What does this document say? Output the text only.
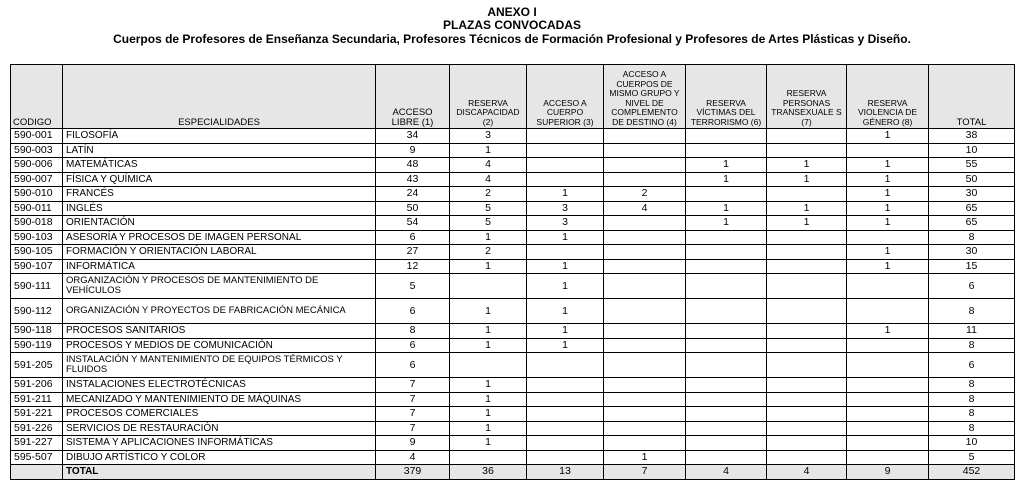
ANEXO I
PLAZAS CONVOCADAS
Cuerpos de Profesores de Enseñanza Secundaria, Profesores Técnicos de Formación Profesional y Profesores de Artes Plásticas y Diseño.
CODIGO	ESPECIALIDADES	ACCESO LIBRE (1)	RESERVA DISCAPACIDAD (2)	ACCESO A CUERPO SUPERIOR (3)	ACCESO A CUERPOS DE MISMO GRUPO Y NIVEL DE COMPLEMENTO DE DESTINO (4)	RESERVA VÍCTIMAS DEL TERRORISMO (6)	RESERVA PERSONAS TRANSEXUALE S (7)	RESERVA VIOLENCIA DE GÉNERO (8)	TOTAL
590-001	FILOSOFÍA	34	3					1	38
590-003	LATÍN	9	1						10
590-006	MATEMÁTICAS	48	4			1	1	1	55
590-007	FÍSICA Y QUÍMICA	43	4			1	1	1	50
590-010	FRANCÉS	24	2	1	2			1	30
590-011	INGLÉS	50	5	3	4	1	1	1	65
590-018	ORIENTACIÓN	54	5	3		1	1	1	65
590-103	ASESORÍA Y PROCESOS DE IMAGEN PERSONAL	6	1	1					8
590-105	FORMACIÓN Y ORIENTACIÓN LABORAL	27	2					1	30
590-107	INFORMÁTICA	12	1	1				1	15
590-111	ORGANIZACIÓN Y PROCESOS DE MANTENIMIENTO DE VEHÍCULOS	5		1					6
590-112	ORGANIZACIÓN Y PROYECTOS DE FABRICACIÓN MECÁNICA	6	1	1					8
590-118	PROCESOS SANITARIOS	8	1	1				1	11
590-119	PROCESOS Y MEDIOS DE COMUNICACIÓN	6	1	1					8
591-205	INSTALACIÓN Y MANTENIMIENTO DE EQUIPOS TÉRMICOS Y FLUIDOS	6							6
591-206	INSTALACIONES ELECTROTÉCNICAS	7	1						8
591-211	MECANIZADO Y MANTENIMIENTO DE MÁQUINAS	7	1						8
591-221	PROCESOS COMERCIALES	7	1						8
591-226	SERVICIOS DE RESTAURACIÓN	7	1						8
591-227	SISTEMA Y APLICACIONES INFORMÁTICAS	9	1						10
595-507	DIBUJO ARTÍSTICO Y COLOR	4			1				5
	TOTAL	379	36	13	7	4	4	9	452
